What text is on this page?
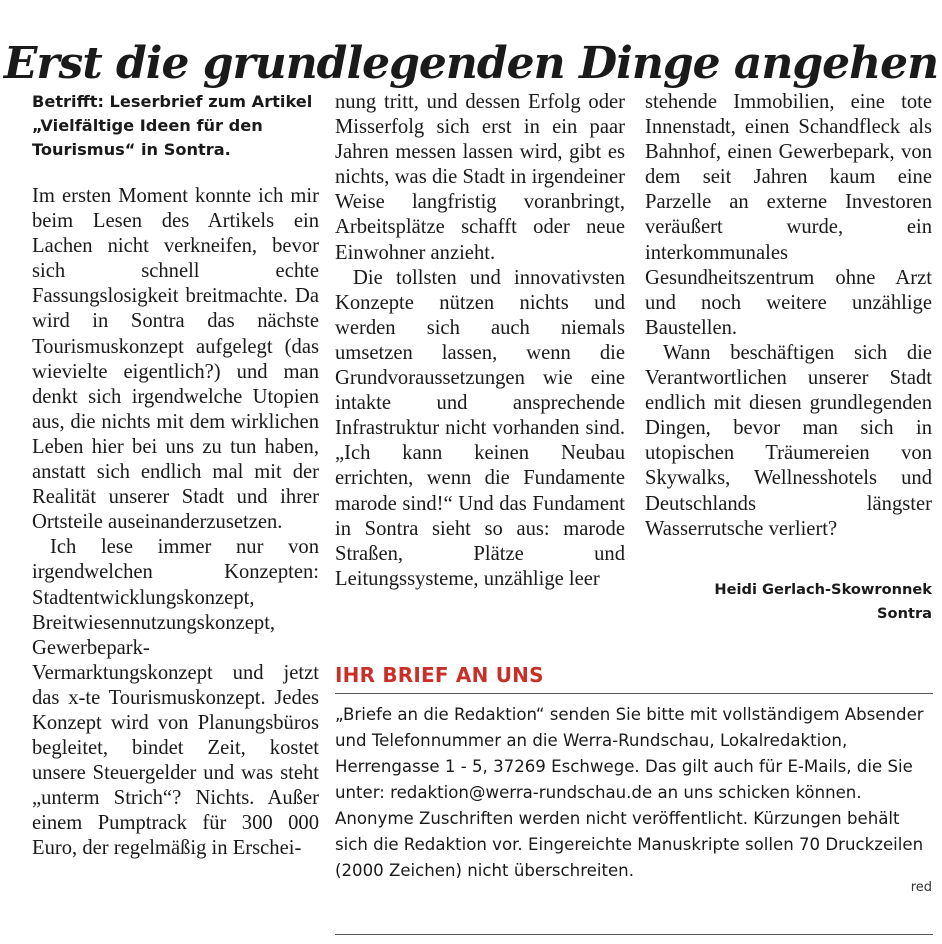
Erst die grundlegenden Dinge angehen

Betrifft: Leserbrief zum Artikel „Vielfältige Ideen für den Tourismus“ in Sontra.

Im ersten Moment konnte ich mir beim Lesen des Artikels ein Lachen nicht verkneifen, bevor sich schnell echte Fassungslosigkeit breitmachte. Da wird in Sontra das nächste Tourismuskonzept aufgelegt (das wievielte eigentlich?) und man denkt sich irgendwelche Utopien aus, die nichts mit dem wirklichen Leben hier bei uns zu tun haben, anstatt sich endlich mal mit der Realität unserer Stadt und ihrer Ortsteile auseinanderzusetzen.

Ich lese immer nur von irgendwelchen Konzepten: Stadtentwicklungskonzept, Breitwiesennutzungskonzept, Gewerbepark-Vermarktungskonzept und jetzt das x-te Tourismuskonzept. Jedes Konzept wird von Planungsbüros begleitet, bindet Zeit, kostet unsere Steuergelder und was steht „unterm Strich“? Nichts. Außer einem Pumptrack für 300 000 Euro, der regelmäßig in Erschei-

nung tritt, und dessen Erfolg oder Misserfolg sich erst in ein paar Jahren messen lassen wird, gibt es nichts, was die Stadt in irgendeiner Weise langfristig voranbringt, Arbeitsplätze schafft oder neue Einwohner anzieht.

Die tollsten und innovativsten Konzepte nützen nichts und werden sich auch niemals umsetzen lassen, wenn die Grundvoraussetzungen wie eine intakte und ansprechende Infrastruktur nicht vorhanden sind. „Ich kann keinen Neubau errichten, wenn die Fundamente marode sind!“ Und das Fundament in Sontra sieht so aus: marode Straßen, Plätze und Leitungssysteme, unzählige leer

stehende Immobilien, eine tote Innenstadt, einen Schandfleck als Bahnhof, einen Gewerbepark, von dem seit Jahren kaum eine Parzelle an externe Investoren veräußert wurde, ein interkommunales Gesundheitszentrum ohne Arzt und noch weitere unzählige Baustellen.

Wann beschäftigen sich die Verantwortlichen unserer Stadt endlich mit diesen grundlegenden Dingen, bevor man sich in utopischen Träumereien von Skywalks, Wellnesshotels und Deutschlands längster Wasserrutsche verliert?

Heidi Gerlach-Skowronnek
Sontra

IHR BRIEF AN UNS

„Briefe an die Redaktion“ senden Sie bitte mit vollständigem Absender und Telefonnummer an die Werra-Rundschau, Lokalredaktion, Herrengasse 1 - 5, 37269 Eschwege. Das gilt auch für E-Mails, die Sie unter: redaktion@werra-rundschau.de an uns schicken können. Anonyme Zuschriften werden nicht veröffentlicht. Kürzungen behält sich die Redaktion vor. Eingereichte Manuskripte sollen 70 Druckzeilen (2000 Zeichen) nicht überschreiten.

red
